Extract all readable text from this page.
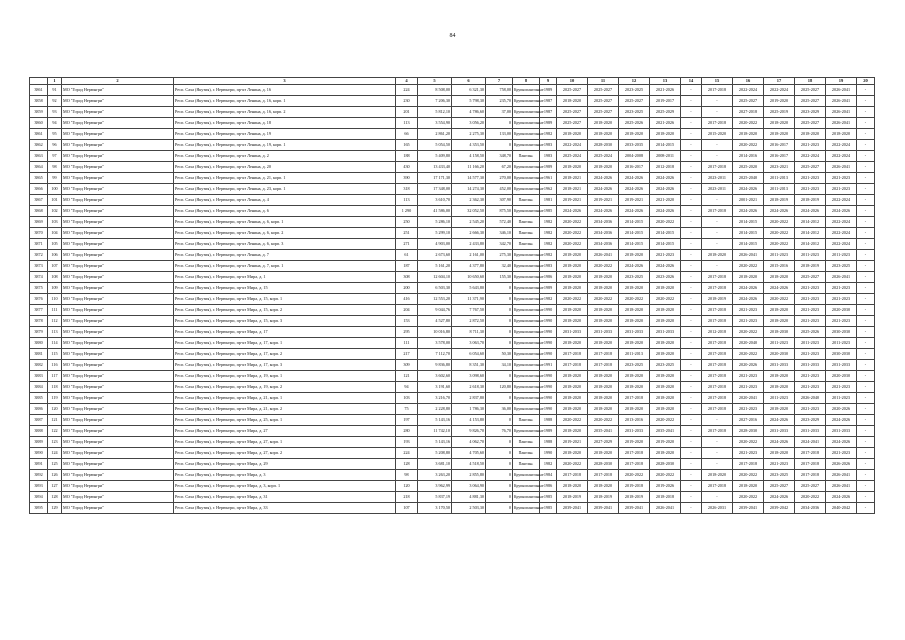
84
	1	2	3	4	5	6	7	8	9	10	11	12	13	14	15	16	17	18	19	20
3861	91	МО "Город Нерюнгри"	Респ. Саха (Якутия), г. Нерюнгри, пр-кт Ленина, д. 16	224	8 508,00	6 321,30	758,00	Крупнопанельные	1989	2025-2027	2025-2027	2023-2025	2021-2026	-	2017-2018	2022-2024	2022-2024	2025-2027	2026-2041	-
3858	92	МО "Город Нерюнгри"	Респ. Саха (Якутия), г. Нерюнгри, пр-кт Ленина, д. 16, корп. 1	230	7 206,30	5 798,30	235,70	Крупнопанельные	1987	2018-2020	2025-2027	2025-2027	2019-2017	-	-	2025-2027	2019-2020	2025-2027	2026-2041	-
3859	93	МО "Город Нерюнгри"	Респ. Саха (Якутия), г. Нерюнгри, пр-кт Ленина, д. 16, корп. 2	201	5 812,10	4 786,60	37,00	Крупнопанельные	1987	2025-2027	2025-2027	2023-2025	2025-2029	-	-	2027-2018	2025-2019	2023-2029	2026-2041	-
3860	94	МО "Город Нерюнгри"	Респ. Саха (Якутия), г. Нерюнгри, пр-кт Ленина, д. 18	113	3 554,90	3 056,20	0	Крупнопанельные	1989	2025-2027	2018-2020	2025-2026	2021-2026	-	2017-2018	2020-2022	2018-2020	2025-2027	2026-2041	-
3861	95	МО "Город Нерюнгри"	Респ. Саха (Якутия), г. Нерюнгри, пр-кт Ленина, д. 19	66	2 861,20	2 275,30	133,00	Крупнопанельные	1982	2018-2020	2018-2020	2018-2020	2018-2020	-	2015-2020	2018-2020	2018-2020	2018-2020	2018-2020	-
3862	96	МО "Город Нерюнгри"	Респ. Саха (Якутия), г. Нерюнгри, пр-кт Ленина, д. 19, корп. 1	165	5 054,50	4 353,50	0	Крупнопанельные	1983	2022-2024	2028-2030	2033-2035	2014-2015	-	-	2020-2022	2016-2017	2021-2023	2022-2024	-
3863	97	МО "Город Нерюнгри"	Респ. Саха (Якутия), г. Нерюнгри, пр-кт Ленина, д. 2	188	5 409,80	4 158,50	348,70	Панельн.	1983	2025-2024	2025-2024	2004-2008	2008-2011	-	-	2014-2016	2016-2017	2022-2024	2022-2024	-
3864	98	МО "Город Нерюнгри"	Респ. Саха (Якутия), г. Нерюнгри, пр-кт Ленина, д. 20	430	13 433,40	11 166,20	67,20	Крупнопанельные	1989	2018-2020	2018-2020	2016-2017	2012-2018	-	2017-2018	2025-2020	2023-2021	2025-2027	2026-2041	-
3865	99	МО "Город Нерюнгри"	Респ. Саха (Якутия), г. Нерюнгри, пр-кт Ленина, д. 21, корп. 1	390	17 171,30	14 577,30	270,00	Крупнопанельные	1961	2018-2021	2024-2026	2024-2026	2024-2026	-	2023-2011	2025-2040	2011-2013	2021-2023	2021-2023	-
3866	100	МО "Город Нерюнгри"	Респ. Саха (Якутия), г. Нерюнгри, пр-кт Ленина, д. 23, корп. 1	318	17 348,00	14 274,30	452,00	Крупнопанельные	1962	2018-2021	2024-2026	2024-2026	2024-2026	-	2023-2011	2024-2026	2011-2013	2021-2023	2021-2023	-
3867	101	МО "Город Нерюнгри"	Респ. Саха (Якутия), г. Нерюнгри, пр-кт Ленина, д. 4	113	3 610,70	2 362,30	307,90	Панельн.	1981	2019-2021	2019-2021	2019-2021	2021-2020	-	-	2001-2021	2018-2019	2018-2019	2022-2024	-
3868	102	МО "Город Нерюнгри"	Респ. Саха (Якутия), г. Нерюнгри, пр-кт Ленина, д. 6	1 290	41 586,00	32 052,50	875,50	Крупнопанельные	1985	2024-2026	2024-2026	2024-2026	2024-2026	-	2017-2018	2024-2026	2024-2026	2024-2026	2024-2026	-
3869	103	МО "Город Нерюнгри"	Респ. Саха (Якутия), г. Нерюнгри, пр-кт Ленина, д. 6, корп. 1	250	5 286,10	2 545,20	572,40	Панельн.	1982	2020-2022	2034-2036	2014-2015	2020-2022	-	-	2014-2015	2020-2022	2014-2012	2022-2024	-
3870	104	МО "Город Нерюнгри"	Респ. Саха (Якутия), г. Нерюнгри, пр-кт Ленина, д. 6, корп. 2	251	5 299,10	2 666,30	346,10	Панельн.	1982	2020-2022	2034-2036	2014-2015	2014-2015	-	-	2014-2015	2020-2022	2014-2012	2022-2024	-
3871	105	МО "Город Нерюнгри"	Респ. Саха (Якутия), г. Нерюнгри, пр-кт Ленина, д. 6, корп. 3	271	4 903,00	2 433,80	342,70	Панельн.	1982	2020-2022	2034-2036	2014-2015	2014-2015	-	-	2014-2015	2020-2022	2014-2012	2022-2024	-
3872	106	МО "Город Нерюнгри"	Респ. Саха (Якутия), г. Нерюнгри, пр-кт Ленина, д. 7	61	2 673,60	2 161,00	275,30	Крупнопанельные	1982	2018-2020	2026-2041	2018-2020	2021-2023	-	2018-2020	2026-2041	2011-2023	2011-2023	2011-2023	-
3873	107	МО "Город Нерюнгри"	Респ. Саха (Якутия), г. Нерюнгри, пр-кт Ленина, д. 7, корп. 1	187	5 161,20	4 377,80	32,40	Крупнопанельные	1983	2018-2020	2020-2022	2024-2026	2024-2026	-	-	2020-2022	2015-2016	2018-2019	2023-2025	-
3874	108	МО "Город Нерюнгри"	Респ. Саха (Якутия), г. Нерюнгри, пр-кт Мира, д. 1	308	12 604,10	10 650,60	155,30	Крупнопанельные	1986	2018-2020	2018-2020	2023-2025	2023-2026	-	2017-2018	2018-2020	2018-2020	2025-2027	2026-2041	-
3875	109	МО "Город Нерюнгри"	Респ. Саха (Якутия), г. Нерюнгри, пр-кт Мира, д. 15	200	6 503,30	5 643,80	0	Крупнопанельные	1989	2018-2020	2018-2020	2018-2020	2018-2020	-	2017-2018	2024-2026	2024-2026	2021-2023	2021-2023	-
3876	110	МО "Город Нерюнгри"	Респ. Саха (Якутия), г. Нерюнгри, пр-кт Мира, д. 15, корп. 1	416	12 553,20	11 371,90	0	Крупнопанельные	1982	2020-2022	2020-2022	2020-2022	2020-2022	-	2018-2019	2024-2026	2020-2022	2021-2023	2021-2023	-
3877	111	МО "Город Нерюнгри"	Респ. Саха (Якутия), г. Нерюнгри, пр-кт Мира, д. 15, корп. 2	204	9 044,76	7 767,50	0	Крупнопанельные	1990	2018-2020	2018-2020	2018-2020	2018-2020	-	2017-2018	2021-2023	2018-2020	2021-2023	2020-2030	-
3878	112	МО "Город Нерюнгри"	Респ. Саха (Якутия), г. Нерюнгри, пр-кт Мира, д. 15, корп. 3	153	4 527,80	2 872,50	0	Крупнопанельные	1990	2018-2020	2018-2020	2018-2020	2018-2020	-	2017-2018	2021-2023	2018-2020	2021-2023	2021-2023	-
3879	113	МО "Город Нерюнгри"	Респ. Саха (Якутия), г. Нерюнгри, пр-кт Мира, д. 17	295	10 016,80	8 711,30	0	Крупнопанельные	1990	2031-2033	2031-2033	2031-2033	2031-2033	-	2012-2018	2020-2022	2018-2030	2025-2026	2030-2030	-
3880	114	МО "Город Нерюнгри"	Респ. Саха (Якутия), г. Нерюнгри, пр-кт Мира, д. 17, корп. 1	111	3 578,00	3 063,70	0	Крупнопанельные	1990	2018-2020	2018-2020	2018-2020	2018-2020	-	2017-2018	2020-2040	2011-2023	2011-2023	2011-2023	-
3881	115	МО "Город Нерюнгри"	Респ. Саха (Якутия), г. Нерюнгри, пр-кт Мира, д. 17, корп. 2	217	7 112,70	6 054,60	50,30	Крупнопанельные	1990	2017-2018	2017-2018	2011-2013	2018-2020	-	2017-2018	2020-2022	2020-2030	2021-2023	2030-2030	-
3882	116	МО "Город Нерюнгри"	Респ. Саха (Якутия), г. Нерюнгри, пр-кт Мира, д. 17, корп. 3	309	9 836,80	8 351,30	34,10	Крупнопанельные	1991	2017-2018	2017-2018	2023-2025	2023-2025	-	2017-2018	2020-2026	2031-2033	2031-2033	2031-2033	-
3883	117	МО "Город Нерюнгри"	Респ. Саха (Якутия), г. Нерюнгри, пр-кт Мира, д. 19, корп. 1	121	3 602,60	3 098,60	0	Крупнопанельные	1990	2018-2020	2018-2020	2018-2020	2018-2020	-	2017-2018	2021-2023	2018-2020	2021-2023	2020-2030	-
3884	118	МО "Город Нерюнгри"	Респ. Саха (Якутия), г. Нерюнгри, пр-кт Мира, д. 19, корп. 2	94	3 191,60	2 618,30	120,80	Крупнопанельные	1990	2018-2020	2018-2020	2018-2020	2018-2020	-	2017-2018	2021-2023	2018-2020	2021-2023	2021-2023	-
3885	119	МО "Город Нерюнгри"	Респ. Саха (Якутия), г. Нерюнгри, пр-кт Мира, д. 21, корп. 1	103	3 216,70	2 837,80	0	Крупнопанельные	1990	2018-2020	2018-2020	2017-2018	2018-2020	-	2017-2018	2020-2041	2011-2023	2026-2040	2011-2023	-
3886	120	МО "Город Нерюнгри"	Респ. Саха (Якутия), г. Нерюнгри, пр-кт Мира, д. 21, корп. 2	75	2 228,80	1 786,30	36,00	Крупнопанельные	1990	2018-2020	2018-2020	2018-2020	2018-2020	-	2017-2018	2021-2023	2018-2020	2021-2023	2020-2026	-
3887	121	МО "Город Нерюнгри"	Респ. Саха (Якутия), г. Нерюнгри, пр-кт Мира, д. 25, корп. 1	197	5 143,16	4 153,80	0	Панельн.	1988	2020-2022	2020-2022	2013-2016	2020-2022	-	-	2027-2016	2024-2026	2023-2029	2024-2026	-
3888	122	МО "Город Нерюнгри"	Респ. Саха (Якутия), г. Нерюнгри, пр-кт Мира, д. 27	280	11 742,10	9 826,70	76,70	Крупнопанельные	1989	2018-2020	2035-2041	2031-2033	2035-2041	-	2017-2018	2028-2030	2031-2033	2031-2033	2031-2033	-
3889	123	МО "Город Нерюнгри"	Респ. Саха (Якутия), г. Нерюнгри, пр-кт Мира, д. 27, корп. 1	193	5 143,16	4 062,70	0	Панельн.	1988	2019-2021	2027-2029	2019-2020	2019-2020	-	-	2020-2022	2024-2026	2024-2041	2024-2026	-
3890	124	МО "Город Нерюнгри"	Респ. Саха (Якутия), г. Нерюнгри, пр-кт Мира, д. 27, корп. 2	224	5 208,80	4 705,60	0	Панельн.	1990	2018-2020	2018-2020	2017-2018	2018-2020	-	-	2021-2023	2018-2020	2017-2018	2021-2023	-
3891	125	МО "Город Нерюнгри"	Респ. Саха (Якутия), г. Нерюнгри, пр-кт Мира, д. 29	128	3 681,10	4 518,50	0	Панельн.	1982	2020-2022	2028-2030	2017-2018	2028-2030	-	-	2017-2018	2021-2023	2017-2018	2026-2026	-
3892	126	МО "Город Нерюнгри"	Респ. Саха (Якутия), г. Нерюнгри, пр-кт Мира, д. 3	98	3 263,20	2 855,80	0	Крупнопанельные	1984	2017-2018	2017-2018	2020-2022	2020-2022	-	2018-2020	2020-2022	2023-2025	2017-2018	2026-2041	-
3893	127	МО "Город Нерюнгри"	Респ. Саха (Якутия), г. Нерюнгри, пр-кт Мира, д. 3, корп. 1	120	3 962,99	3 064,90	0	Крупнопанельные	1986	2018-2020	2018-2020	2019-2018	2019-2026	-	2017-2018	2018-2020	2025-2027	2025-2027	2026-2041	-
3894	128	МО "Город Нерюнгри"	Респ. Саха (Якутия), г. Нерюнгри, пр-кт Мира, д. 31	218	5 837,19	4 881,30	0	Крупнопанельные	1985	2018-2019	2018-2019	2018-2019	2018-2018	-	-	2020-2022	2024-2026	2020-2022	2024-2026	-
3895	129	МО "Город Нерюнгри"	Респ. Саха (Якутия), г. Нерюнгри, пр-кт Мира, д. 33	107	3 170,50	2 503,30	0	Крупнопанельные	1985	2039-2041	2039-2041	2039-2041	2026-2041	-	2026-2031	2039-2041	2039-2042	2034-2036	2040-2042	-
